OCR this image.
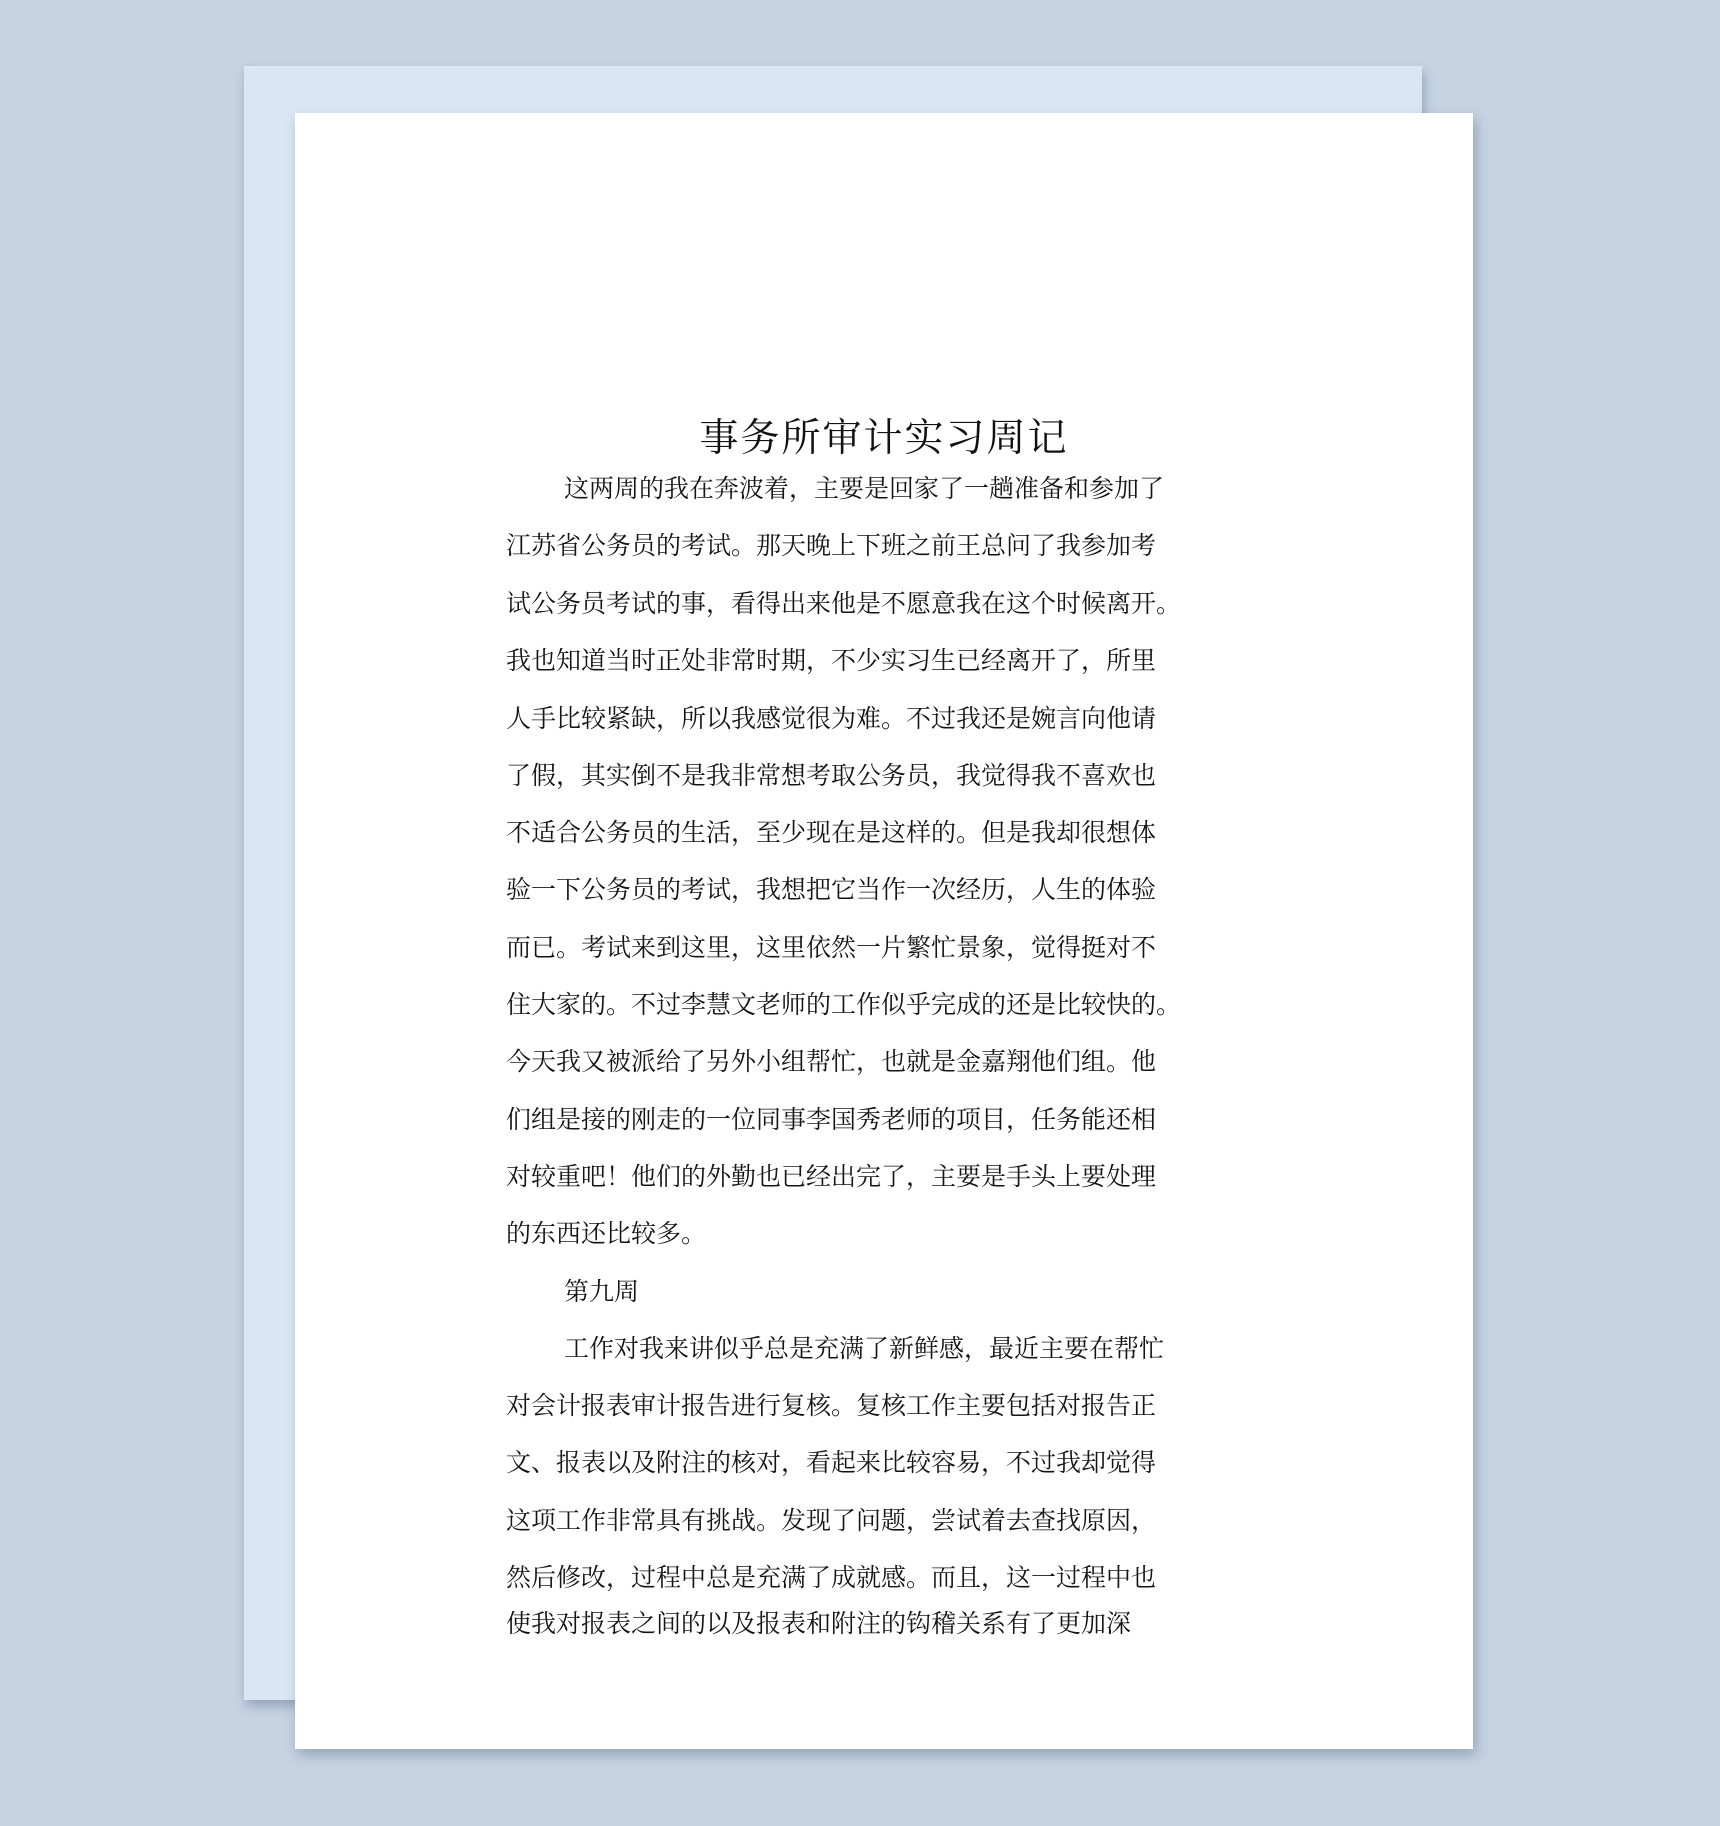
事务所审计实习周记

这两周的我在奔波着，主要是回家了一趟准备和参加了

江苏省公务员的考试。那天晚上下班之前王总问了我参加考

试公务员考试的事，看得出来他是不愿意我在这个时候离开。

我也知道当时正处非常时期，不少实习生已经离开了，所里

人手比较紧缺，所以我感觉很为难。不过我还是婉言向他请

了假，其实倒不是我非常想考取公务员，我觉得我不喜欢也

不适合公务员的生活，至少现在是这样的。但是我却很想体

验一下公务员的考试，我想把它当作一次经历，人生的体验

而已。考试来到这里，这里依然一片繁忙景象，觉得挺对不

住大家的。不过李慧文老师的工作似乎完成的还是比较快的。

今天我又被派给了另外小组帮忙，也就是金嘉翔他们组。他

们组是接的刚走的一位同事李国秀老师的项目，任务能还相

对较重吧！他们的外勤也已经出完了，主要是手头上要处理

的东西还比较多。

第九周

工作对我来讲似乎总是充满了新鲜感，最近主要在帮忙

对会计报表审计报告进行复核。复核工作主要包括对报告正

文、报表以及附注的核对，看起来比较容易，不过我却觉得

这项工作非常具有挑战。发现了问题，尝试着去查找原因，

然后修改，过程中总是充满了成就感。而且，这一过程中也

使我对报表之间的以及报表和附注的钩稽关系有了更加深
